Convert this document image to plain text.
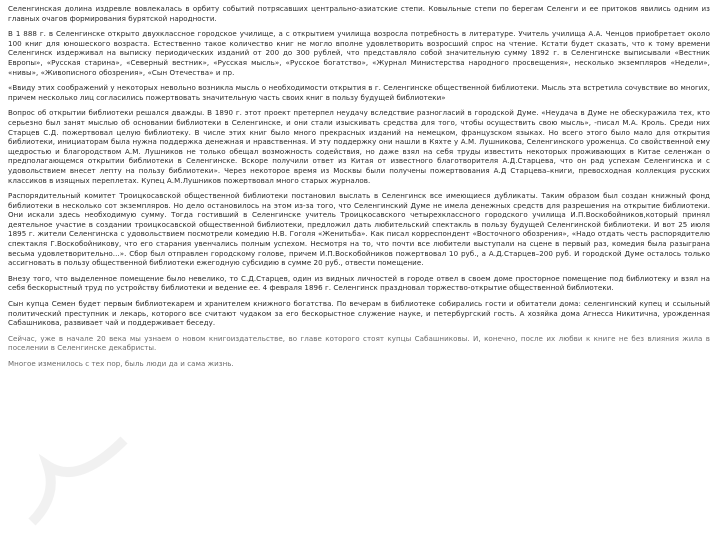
Селенгинская долина издревле вовлекалась в орбиту событий потрясавших центрально-азиатские степи. Ковыльные степи по берегам Селенги и ее притоков явились одним из главных очагов формирования бурятской народности.

В 1 888 г. в Селенгинске открыто двухклассное городское училище, а с открытием училища возросла потребность в литературе. Учитель училища А.А. Ченцов приобретает около 100 книг для юношеского возраста. Естественно такое количество книг не могло вполне удовлетворить возросший спрос на чтение. Кстати будет сказать, что к тому времени Селенгинск издерживал на выписку периодических изданий от 200 до 300 рублей, что представляло собой значительную сумму 1892 г. в Селенгинске выписывали «Вестник Европы», «Русская старина», «Северный вестник», «Русская мысль», «Русское богатство», «Журнал Министерства народного просвещения», несколько экземпляров «Недели», «нивы», «Живописного обозрения», «Сын Отечества» и пр.

«Ввиду этих соображений у некоторых невольно возникла мысль о необходимости открытия в г. Селенгинске общественной библиотеки. Мысль эта встретила сочувствие во многих, причем несколько лиц согласились пожертвовать значительную часть своих книг в пользу будущей библиотеки»

Вопрос об открытии библиотеки решался дважды. В 1890 г. этот проект претерпел неудачу вследствие разногласий в городской Думе. «Неудача в Думе не обескуражила тех, кто серьезно был занят мыслью об основании библиотеки в Селенгинске, и они стали изыскивать средства для того, чтобы осуществить свою мысль», -писал М.А. Кроль. Среди них Старцев С.Д. пожертвовал целую библиотеку. В числе этих книг было много прекрасных изданий на немецком, французском языках. Но всего этого было мало для открытия библиотеки, инициаторам была нужна поддержка денежная и нравственная. И эту поддержку они нашли в Кяхте у А.М. Лушникова, Селенгинского уроженца. Со свойственной ему щедростью и благородством А.М. Лушников не только обещал возможность содействия, но даже взял на себя труды известить некоторых проживающих в Китае селенжан о предполагающемся открытии библиотеки в Селенгинске. Вскоре получили ответ из Китая от известного благотворителя А.Д.Старцева, что он рад успехам Селенгинска и с удовольствием внесет лепту на пользу библиотеки». Через некоторое время из Москвы были получены пожертвования А.Д Старцева–книги, превосходная коллекция русских классиков в изящных переплетах. Купец А.М.Лушников пожертвовал много старых журналов.

Распорядительный комитет Троицкосавской общественной библиотеки постановил выслать в Селенгинск все имеющиеся дубликаты. Таким образом был создан книжный фонд библиотеки в несколько сот экземпляров. Но дело остановилось на этом из-за того, что Селенгинский Думе не имела денежных средств для разрешения на открытие библиотеки. Они искали здесь необходимую сумму. Тогда гостивший в Селенгинске учитель Троицкосавского четырехклассного городского училища И.П.Воскобойников,который принял деятельное участие в создании троицкосавской общественной библиотеки, предложил дать любительский спектакль в пользу будущей Селенгинской библиотеки. И вот 25 июля 1895 г. жители Селенгинска с удовольствием посмотрели комедию Н.В. Гоголя «Женитьба». Как писал корреспондент «Восточного обозрения», «Надо отдать честь распорядителю спектакля Г.Воскобойникову, что его старания увенчались полным успехом. Несмотря на то, что почти все любители выступали на сцене в первый раз, комедия была разыграна весьма удовлетворительно...». Сбор был отправлен городскому голове, причем И.П.Воскобойников пожертвовал 10 руб., а А.Д.Старцев–200 руб. И городской Думе осталось только ассигновать в пользу общественной библиотеки ежегодную субсидию в сумме 20 руб., отвести помещение.

Внезу того, что выделенное помещение было невелико, то С.Д.Старцев, один из видных личностей в городе отвел в своем доме просторное помещение под библиотеку и взял на себя бескорыстный труд по устройству библиотеки и ведение ее. 4 февраля 1896 г. Селенгинск праздновал торжество-открытие общественной библиотеки.

Сын купца Семен будет первым библиотекарем и хранителем книжного богатства. По вечерам в библиотеке собирались гости и обитатели дома: селенгинский купец и ссыльный политический преступник и лекарь, которого все считают чудаком за его бескорыстное служение науке, и петербургский гость. А хозяйка дома Агнесса Никитична, урожденная Сабашникова, развивает чай и поддерживает беседу.

Сейчас, уже в начале 20 века мы узнаем о новом книгоиздательстве, во главе которого стоят купцы Сабашниковы. И, конечно, после их любви к книге не без влияния жила в поселении в Селенгинске декабристы.

Многое изменилось с тех пор, быль люди да и сама жизнь.
